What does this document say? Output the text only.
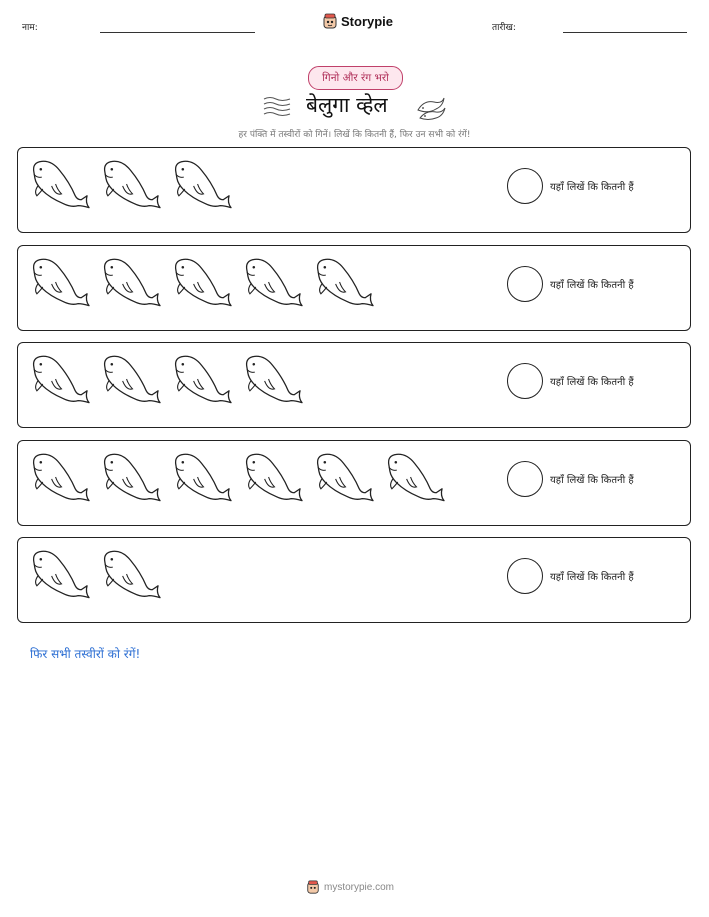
नाम:	Storypie	तारीख:
गिनो और रंग भरो
बेलुगा व्हेल
हर पंक्ति में तस्वीरों को गिनें। लिखें कि कितनी हैं, फिर उन सभी को रंगें!
यहाँ लिखें कि कितनी हैं
यहाँ लिखें कि कितनी हैं
यहाँ लिखें कि कितनी हैं
यहाँ लिखें कि कितनी हैं
यहाँ लिखें कि कितनी हैं
फिर सभी तस्वीरों को रंगें!
mystorypie.com
